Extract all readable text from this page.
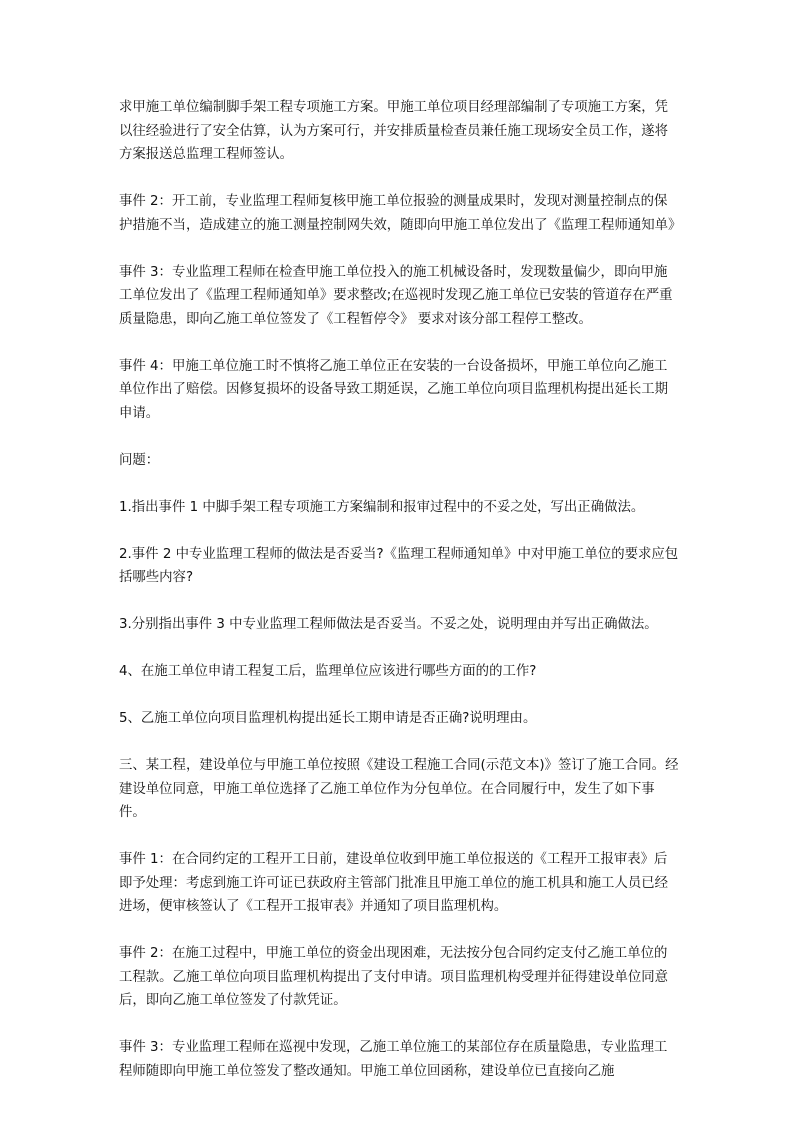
求甲施工单位编制脚手架工程专项施工方案。甲施工单位项目经理部编制了专项施工方案，凭以往经验进行了安全估算，认为方案可行，并安排质量检查员兼任施工现场安全员工作，遂将方案报送总监理工程师签认。

事件 2：开工前，专业监理工程师复核甲施工单位报验的测量成果时，发现对测量控制点的保护措施不当，造成建立的施工测量控制网失效，随即向甲施工单位发出了《监理工程师通知单》

事件 3：专业监理工程师在检查甲施工单位投入的施工机械设备时，发现数量偏少，即向甲施工单位发出了《监理工程师通知单》要求整改;在巡视时发现乙施工单位已安装的管道存在严重质量隐患，即向乙施工单位签发了《工程暂停令》 要求对该分部工程停工整改。

事件 4：甲施工单位施工时不慎将乙施工单位正在安装的一台设备损坏，甲施工单位向乙施工单位作出了赔偿。因修复损坏的设备导致工期延误，乙施工单位向项目监理机构提出延长工期申请。

问题：

1.指出事件 1 中脚手架工程专项施工方案编制和报审过程中的不妥之处，写出正确做法。

2.事件 2 中专业监理工程师的做法是否妥当?《监理工程师通知单》中对甲施工单位的要求应包括哪些内容?

3.分别指出事件 3 中专业监理工程师做法是否妥当。不妥之处，说明理由并写出正确做法。

4、在施工单位申请工程复工后，监理单位应该进行哪些方面的的工作?

5、乙施工单位向项目监理机构提出延长工期申请是否正确?说明理由。

三、某工程，建设单位与甲施工单位按照《建设工程施工合同(示范文本)》签订了施工合同。经建设单位同意，甲施工单位选择了乙施工单位作为分包单位。在合同履行中，发生了如下事件。

事件 1：在合同约定的工程开工日前，建设单位收到甲施工单位报送的《工程开工报审表》后即予处理：考虑到施工许可证已获政府主管部门批准且甲施工单位的施工机具和施工人员已经进场，便审核签认了《工程开工报审表》并通知了项目监理机构。

事件 2：在施工过程中，甲施工单位的资金出现困难，无法按分包合同约定支付乙施工单位的工程款。乙施工单位向项目监理机构提出了支付申请。项目监理机构受理并征得建设单位同意后，即向乙施工单位签发了付款凭证。

事件 3：专业监理工程师在巡视中发现，乙施工单位施工的某部位存在质量隐患，专业监理工程师随即向甲施工单位签发了整改通知。甲施工单位回函称，建设单位已直接向乙施
